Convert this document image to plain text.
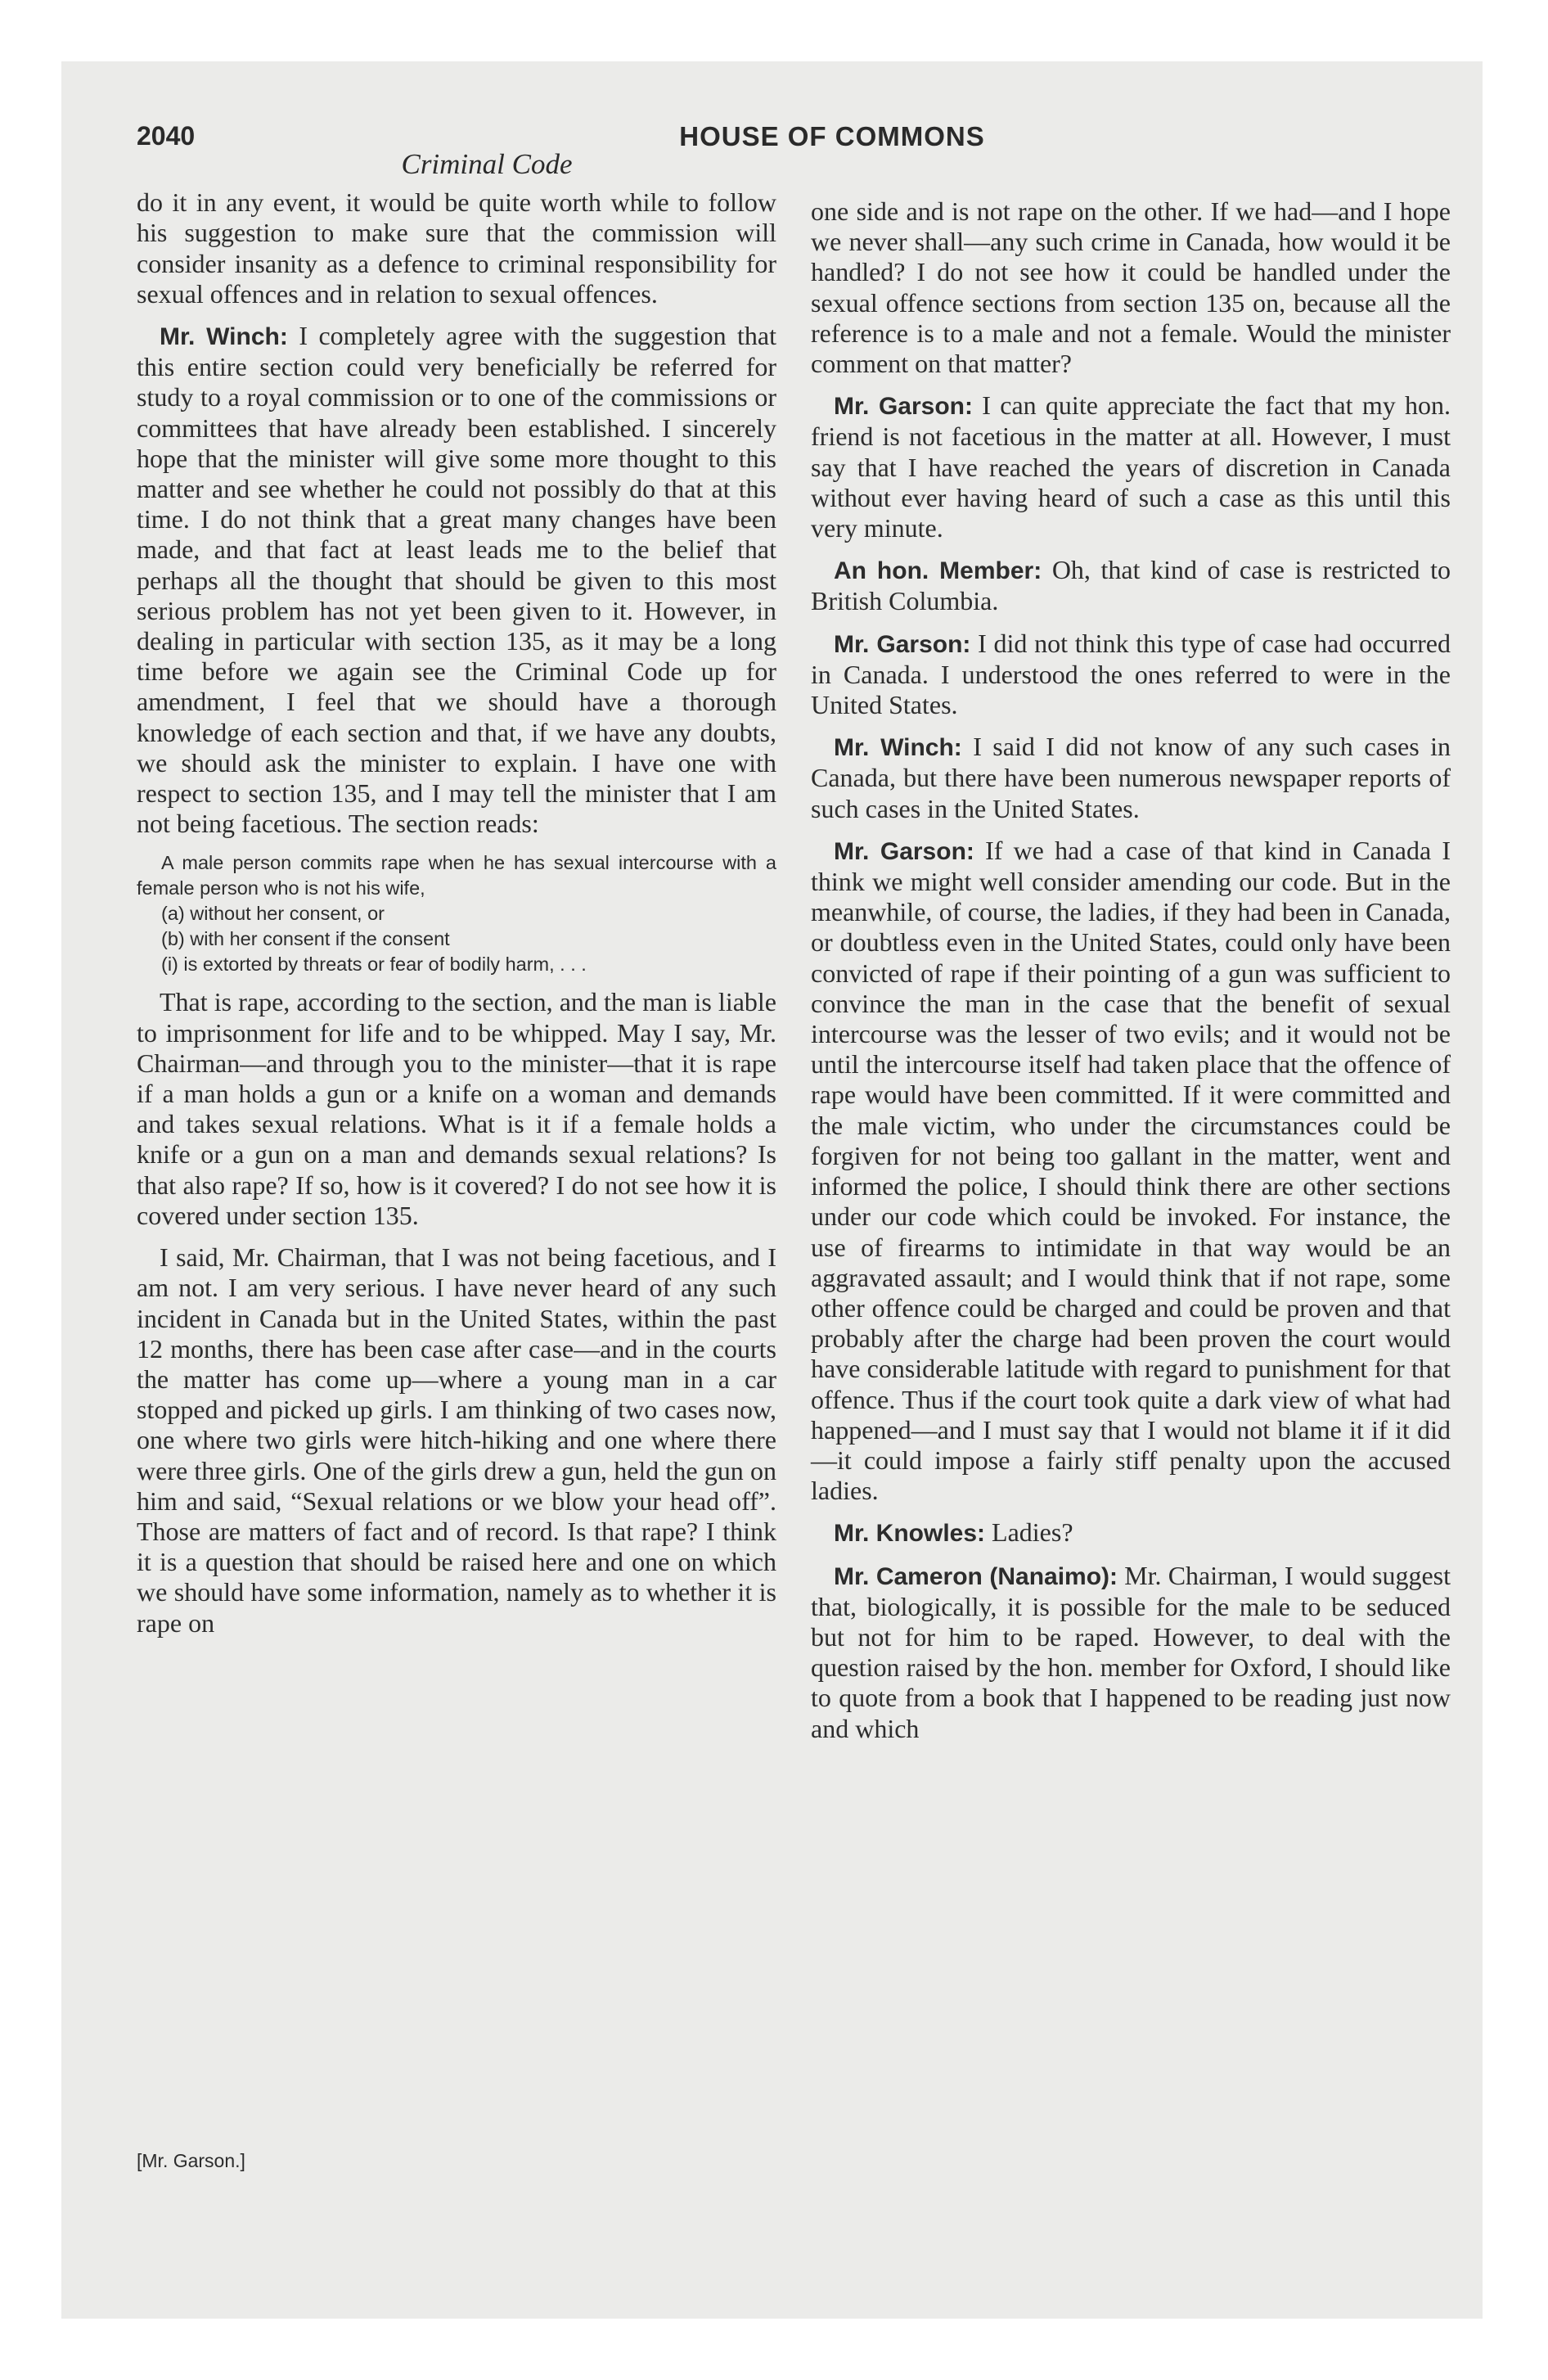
2040	HOUSE OF COMMONS
Criminal Code

do it in any event, it would be quite worth while to follow his suggestion to make sure that the commission will consider insanity as a defence to criminal responsibility for sexual offences and in relation to sexual offences.

Mr. Winch: I completely agree with the suggestion that this entire section could very beneficially be referred for study to a royal commission or to one of the commissions or committees that have already been established. I sincerely hope that the minister will give some more thought to this matter and see whether he could not possibly do that at this time. I do not think that a great many changes have been made, and that fact at least leads me to the belief that perhaps all the thought that should be given to this most serious problem has not yet been given to it. However, in dealing in particular with section 135, as it may be a long time before we again see the Criminal Code up for amendment, I feel that we should have a thorough knowledge of each section and that, if we have any doubts, we should ask the minister to explain. I have one with respect to section 135, and I may tell the minister that I am not being facetious. The section reads:

A male person commits rape when he has sexual intercourse with a female person who is not his wife,
(a) without her consent, or
(b) with her consent if the consent
(i) is extorted by threats or fear of bodily harm, . . .

That is rape, according to the section, and the man is liable to imprisonment for life and to be whipped. May I say, Mr. Chairman—and through you to the minister—that it is rape if a man holds a gun or a knife on a woman and demands and takes sexual relations. What is it if a female holds a knife or a gun on a man and demands sexual relations? Is that also rape? If so, how is it covered? I do not see how it is covered under section 135.

I said, Mr. Chairman, that I was not being facetious, and I am not. I am very serious. I have never heard of any such incident in Canada but in the United States, within the past 12 months, there has been case after case—and in the courts the matter has come up—where a young man in a car stopped and picked up girls. I am thinking of two cases now, one where two girls were hitch-hiking and one where there were three girls. One of the girls drew a gun, held the gun on him and said, “Sexual relations or we blow your head off”. Those are matters of fact and of record. Is that rape? I think it is a question that should be raised here and one on which we should have some information, namely as to whether it is rape on

one side and is not rape on the other. If we had—and I hope we never shall—any such crime in Canada, how would it be handled? I do not see how it could be handled under the sexual offence sections from section 135 on, because all the reference is to a male and not a female. Would the minister comment on that matter?

Mr. Garson: I can quite appreciate the fact that my hon. friend is not facetious in the matter at all. However, I must say that I have reached the years of discretion in Canada without ever having heard of such a case as this until this very minute.

An hon. Member: Oh, that kind of case is restricted to British Columbia.

Mr. Garson: I did not think this type of case had occurred in Canada. I understood the ones referred to were in the United States.

Mr. Winch: I said I did not know of any such cases in Canada, but there have been numerous newspaper reports of such cases in the United States.

Mr. Garson: If we had a case of that kind in Canada I think we might well consider amending our code. But in the meanwhile, of course, the ladies, if they had been in Canada, or doubtless even in the United States, could only have been convicted of rape if their pointing of a gun was sufficient to convince the man in the case that the benefit of sexual intercourse was the lesser of two evils; and it would not be until the intercourse itself had taken place that the offence of rape would have been committed. If it were committed and the male victim, who under the circumstances could be forgiven for not being too gallant in the matter, went and informed the police, I should think there are other sections under our code which could be invoked. For instance, the use of firearms to intimidate in that way would be an aggravated assault; and I would think that if not rape, some other offence could be charged and could be proven and that probably after the charge had been proven the court would have considerable latitude with regard to punishment for that offence. Thus if the court took quite a dark view of what had happened—and I must say that I would not blame it if it did—it could impose a fairly stiff penalty upon the accused ladies.

Mr. Knowles: Ladies?

Mr. Cameron (Nanaimo): Mr. Chairman, I would suggest that, biologically, it is possible for the male to be seduced but not for him to be raped. However, to deal with the question raised by the hon. member for Oxford, I should like to quote from a book that I happened to be reading just now and which

[Mr. Garson.]
